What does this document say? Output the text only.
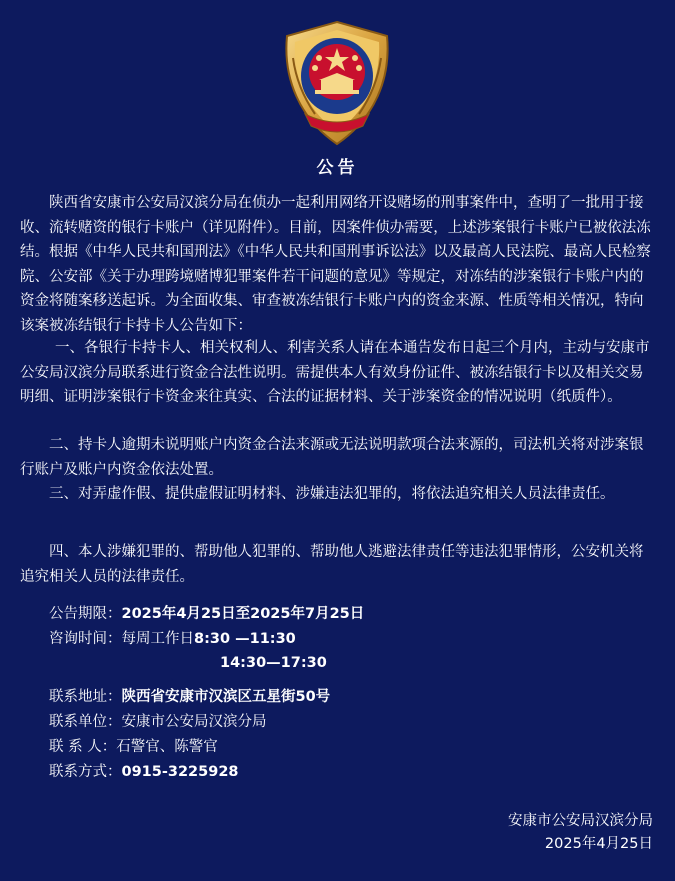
公告

陕西省安康市公安局汉滨分局在侦办一起利用网络开设赌场的刑事案件中，查明了一批用于接收、流转赌资的银行卡账户（详见附件）。目前，因案件侦办需要，上述涉案银行卡账户已被依法冻结。根据《中华人民共和国刑法》《中华人民共和国刑事诉讼法》以及最高人民法院、最高人民检察院、公安部《关于办理跨境赌博犯罪案件若干问题的意见》等规定，对冻结的涉案银行卡账户内的资金将随案移送起诉。为全面收集、审查被冻结银行卡账户内的资金来源、性质等相关情况，特向该案被冻结银行卡持卡人公告如下：

一、各银行卡持卡人、相关权利人、利害关系人请在本通告发布日起三个月内，主动与安康市公安局汉滨分局联系进行资金合法性说明。需提供本人有效身份证件、被冻结银行卡以及相关交易明细、证明涉案银行卡资金来往真实、合法的证据材料、关于涉案资金的情况说明（纸质件）。

二、持卡人逾期未说明账户内资金合法来源或无法说明款项合法来源的，司法机关将对涉案银行账户及账户内资金依法处置。

三、对弄虚作假、提供虚假证明材料、涉嫌违法犯罪的，将依法追究相关人员法律责任。

四、本人涉嫌犯罪的、帮助他人犯罪的、帮助他人逃避法律责任等违法犯罪情形，公安机关将追究相关人员的法律责任。

公告期限：2025年4月25日至2025年7月25日
咨询时间：每周工作日8:30 —11:30
14:30—17:30
联系地址：陕西省安康市汉滨区五星街50号
联系单位：安康市公安局汉滨分局
联 系 人：石警官、陈警官
联系方式：0915-3225928
安康市公安局汉滨分局
2025年4月25日
